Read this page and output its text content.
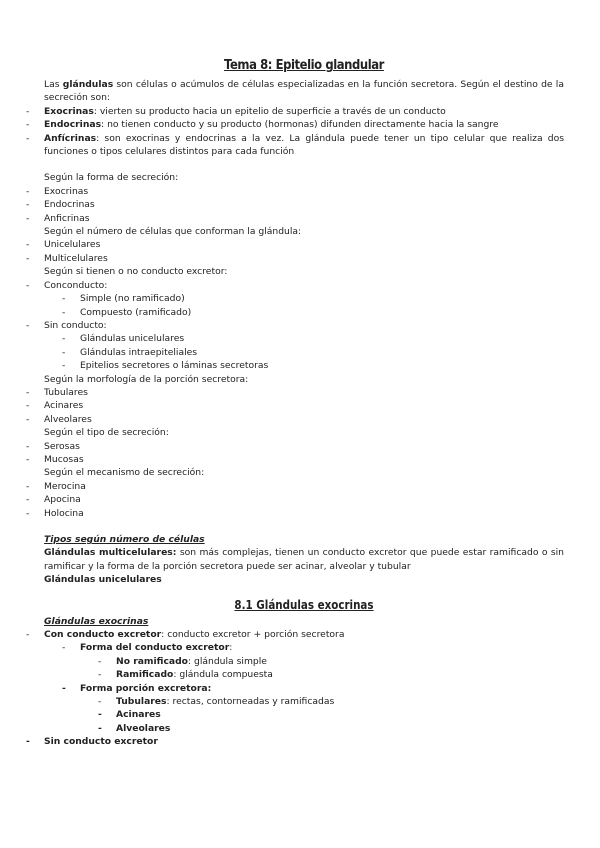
Tema 8: Epitelio glandular

Las glándulas son células o acúmulos de células especializadas en la función secretora. Según el destino de la secreción son:

- Exocrinas: vierten su producto hacia un epitelio de superficie a través de un conducto
- Endocrinas: no tienen conducto y su producto (hormonas) difunden directamente hacia la sangre
- Anfícrinas: son exocrinas y endocrinas a la vez. La glándula puede tener un tipo celular que realiza dos funciones o tipos celulares distintos para cada función
Según la forma de secreción:
- Exocrinas
- Endocrinas
- Anficrinas
Según el número de células que conforman la glándula:
- Unicelulares
- Multicelulares
Según si tienen o no conducto excretor:
- Conconducto:
- Simple (no ramificado)
- Compuesto (ramificado)
- Sin conducto:
- Glándulas unicelulares
- Glándulas intraepiteliales
- Epitelios secretores o láminas secretoras
Según la morfología de la porción secretora:
- Tubulares
- Acinares
- Alveolares
Según el tipo de secreción:
- Serosas
- Mucosas
Según el mecanismo de secreción:
- Merocina
- Apocina
- Holocina
Tipos según número de células

Glándulas multicelulares: son más complejas, tienen un conducto excretor que puede estar ramificado o sin ramificar y la forma de la porción secretora puede ser acinar, alveolar y tubular

Glándulas unicelulares
8.1 Glándulas exocrinas
Glándulas exocrinas
- Con conducto excretor: conducto excretor + porción secretora
- Forma del conducto excretor:
- No ramificado: glándula simple
- Ramificado: glándula compuesta
- Forma porción excretora:
- Tubulares: rectas, contorneadas y ramificadas
- Acinares
- Alveolares
- Sin conducto excretor
